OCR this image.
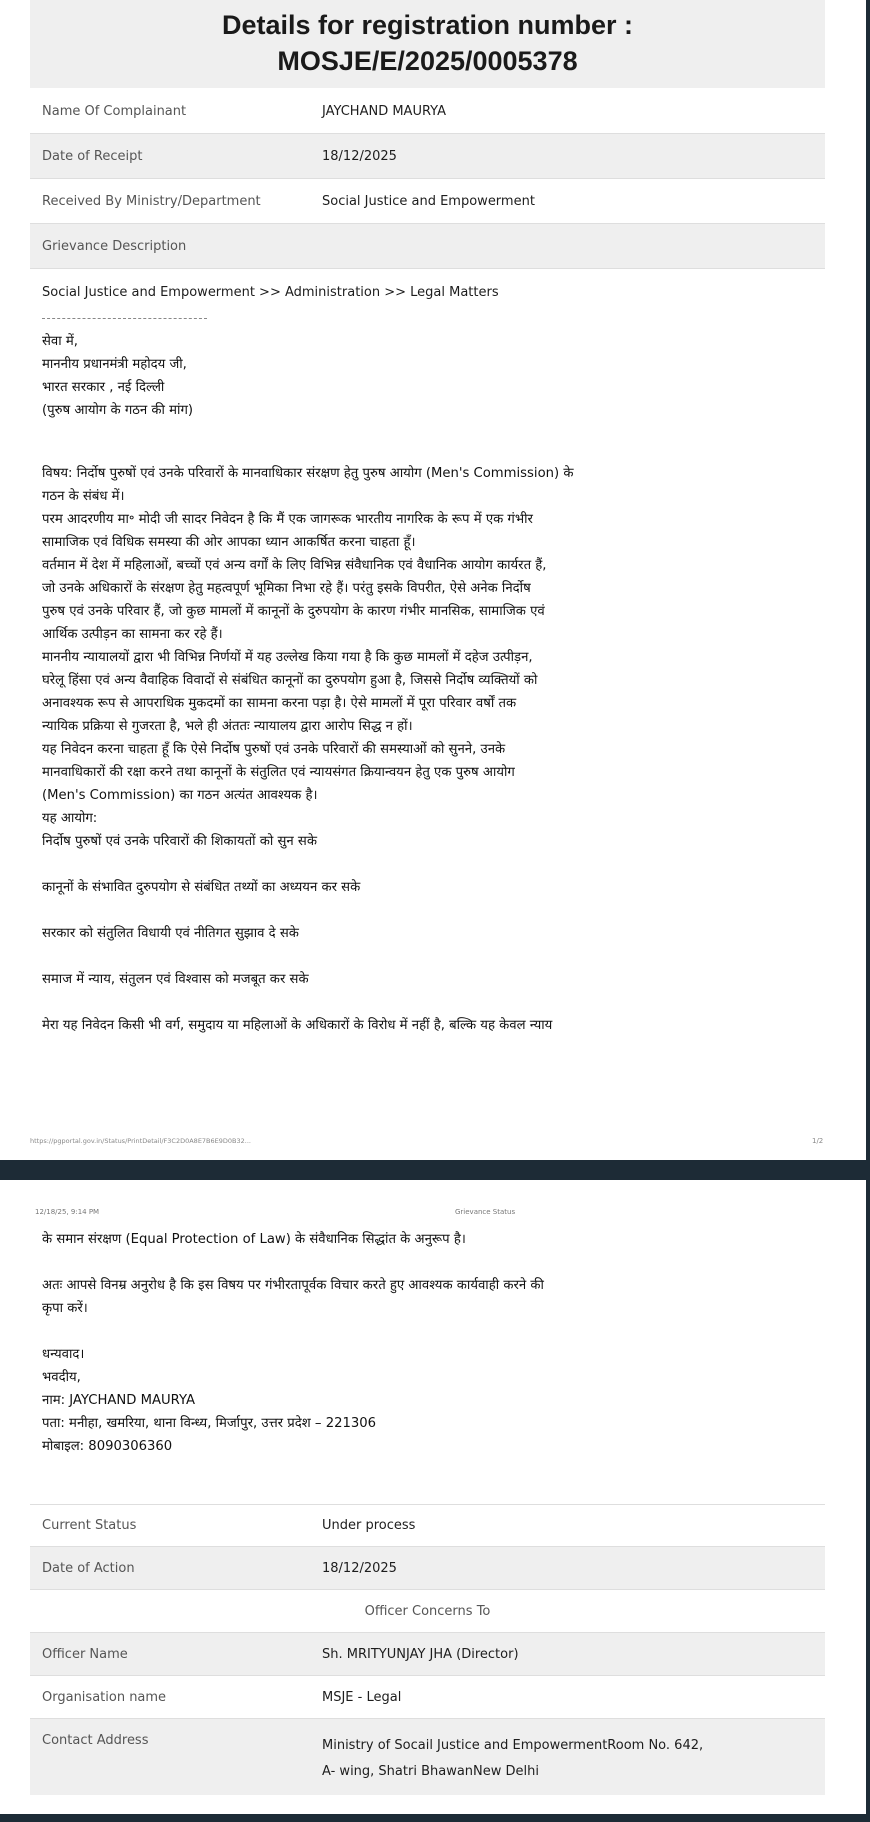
Details for registration number :
MOSJE/E/2025/0005378
Name Of Complainant	JAYCHAND MAURYA
Date of Receipt	18/12/2025
Received By Ministry/Department	Social Justice and Empowerment
Grievance Description
Social Justice and Empowerment >> Administration >> Legal Matters
सेवा में,
माननीय प्रधानमंत्री महोदय जी,
भारत सरकार , नई दिल्ली
(पुरुष आयोग के गठन की मांग)
विषय: निर्दोष पुरुषों एवं उनके परिवारों के मानवाधिकार संरक्षण हेतु पुरुष आयोग (Men's Commission) के
गठन के संबंध में।
परम आदरणीय मा॰ मोदी जी सादर निवेदन है कि मैं एक जागरूक भारतीय नागरिक के रूप में एक गंभीर
सामाजिक एवं विधिक समस्या की ओर आपका ध्यान आकर्षित करना चाहता हूँ।
वर्तमान में देश में महिलाओं, बच्चों एवं अन्य वर्गों के लिए विभिन्न संवैधानिक एवं वैधानिक आयोग कार्यरत हैं,
जो उनके अधिकारों के संरक्षण हेतु महत्वपूर्ण भूमिका निभा रहे हैं। परंतु इसके विपरीत, ऐसे अनेक निर्दोष
पुरुष एवं उनके परिवार हैं, जो कुछ मामलों में कानूनों के दुरुपयोग के कारण गंभीर मानसिक, सामाजिक एवं
आर्थिक उत्पीड़न का सामना कर रहे हैं।
माननीय न्यायालयों द्वारा भी विभिन्न निर्णयों में यह उल्लेख किया गया है कि कुछ मामलों में दहेज उत्पीड़न,
घरेलू हिंसा एवं अन्य वैवाहिक विवादों से संबंधित कानूनों का दुरुपयोग हुआ है, जिससे निर्दोष व्यक्तियों को
अनावश्यक रूप से आपराधिक मुकदमों का सामना करना पड़ा है। ऐसे मामलों में पूरा परिवार वर्षों तक
न्यायिक प्रक्रिया से गुजरता है, भले ही अंततः न्यायालय द्वारा आरोप सिद्ध न हों।
यह निवेदन करना चाहता हूँ कि ऐसे निर्दोष पुरुषों एवं उनके परिवारों की समस्याओं को सुनने, उनके
मानवाधिकारों की रक्षा करने तथा कानूनों के संतुलित एवं न्यायसंगत क्रियान्वयन हेतु एक पुरुष आयोग
(Men's Commission) का गठन अत्यंत आवश्यक है।
यह आयोग:
निर्दोष पुरुषों एवं उनके परिवारों की शिकायतों को सुन सके

कानूनों के संभावित दुरुपयोग से संबंधित तथ्यों का अध्ययन कर सके

सरकार को संतुलित विधायी एवं नीतिगत सुझाव दे सके

समाज में न्याय, संतुलन एवं विश्वास को मजबूत कर सके

मेरा यह निवेदन किसी भी वर्ग, समुदाय या महिलाओं के अधिकारों के विरोध में नहीं है, बल्कि यह केवल न्याय
https://pgportal.gov.in/Status/PrintDetail/F3C2D0A8E7B6E9D0B32...	1/2
12/18/25, 9:14 PM	Grievance Status
के समान संरक्षण (Equal Protection of Law) के संवैधानिक सिद्धांत के अनुरूप है।

अतः आपसे विनम्र अनुरोध है कि इस विषय पर गंभीरतापूर्वक विचार करते हुए आवश्यक कार्यवाही करने की
कृपा करें।

धन्यवाद।
भवदीय,
नाम: JAYCHAND MAURYA
पता: मनीहा, खमरिया, थाना विन्ध्य, मिर्जापुर, उत्तर प्रदेश – 221306
मोबाइल: 8090306360
Current Status	Under process
Date of Action	18/12/2025
Officer Concerns To
Officer Name	Sh. MRITYUNJAY JHA (Director)
Organisation name	MSJE - Legal
Contact Address	Ministry of Socail Justice and EmpowermentRoom No. 642,
A- wing, Shatri BhawanNew Delhi
